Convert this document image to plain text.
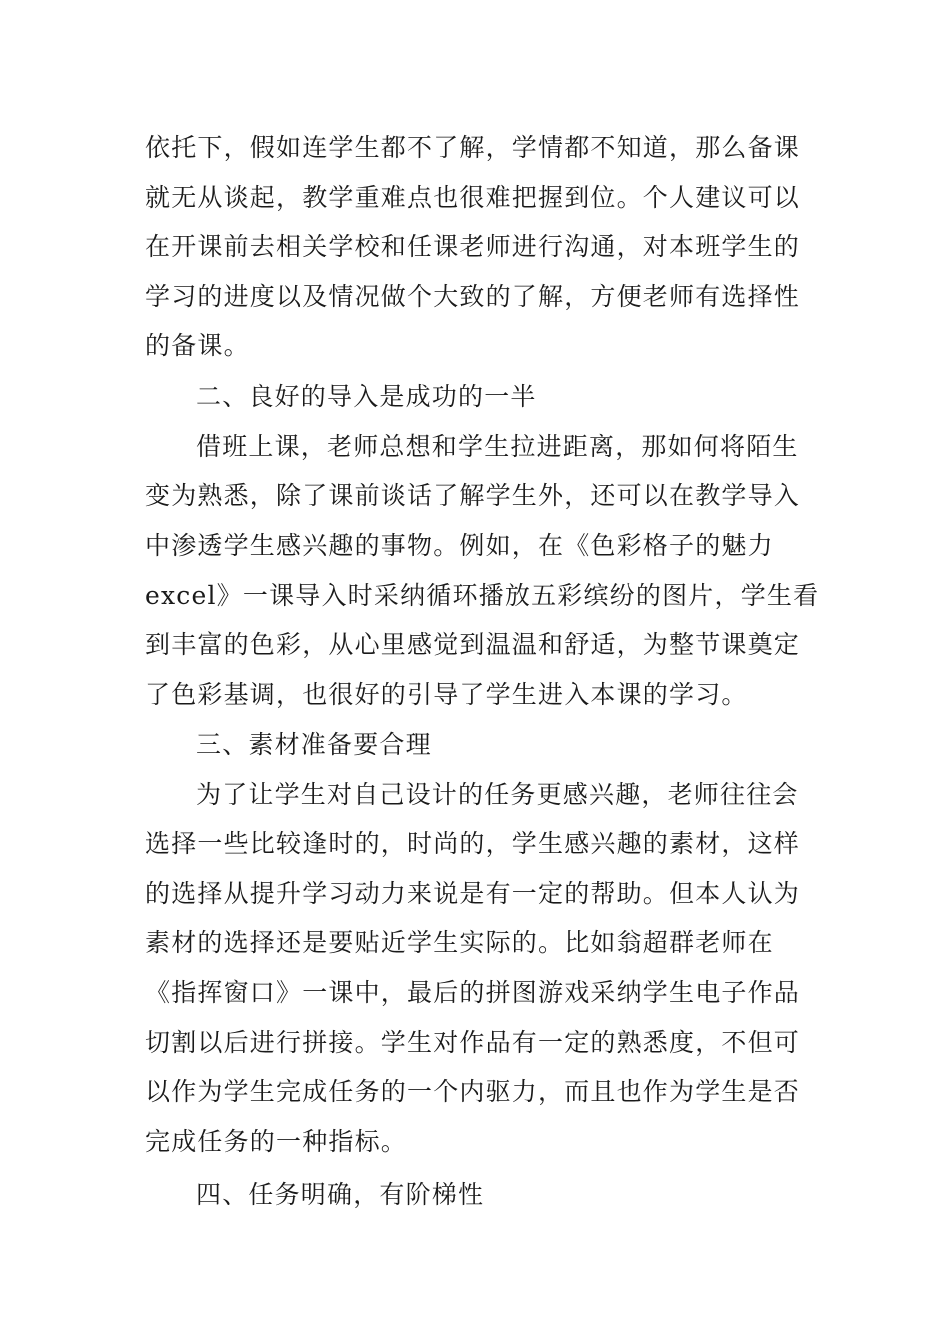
依托下，假如连学生都不了解，学情都不知道，那么备课
就无从谈起，教学重难点也很难把握到位。个人建议可以
在开课前去相关学校和任课老师进行沟通，对本班学生的
学习的进度以及情况做个大致的了解，方便老师有选择性
的备课。
二、良好的导入是成功的一半
借班上课，老师总想和学生拉进距离，那如何将陌生
变为熟悉，除了课前谈话了解学生外，还可以在教学导入
中渗透学生感兴趣的事物。例如，在《色彩格子的魅力
excel》一课导入时采纳循环播放五彩缤纷的图片，学生看
到丰富的色彩，从心里感觉到温温和舒适，为整节课奠定
了色彩基调，也很好的引导了学生进入本课的学习。
三、素材准备要合理
为了让学生对自己设计的任务更感兴趣，老师往往会
选择一些比较逢时的，时尚的，学生感兴趣的素材，这样
的选择从提升学习动力来说是有一定的帮助。但本人认为
素材的选择还是要贴近学生实际的。比如翁超群老师在
《指挥窗口》一课中，最后的拼图游戏采纳学生电子作品
切割以后进行拼接。学生对作品有一定的熟悉度，不但可
以作为学生完成任务的一个内驱力，而且也作为学生是否
完成任务的一种指标。
四、任务明确，有阶梯性
